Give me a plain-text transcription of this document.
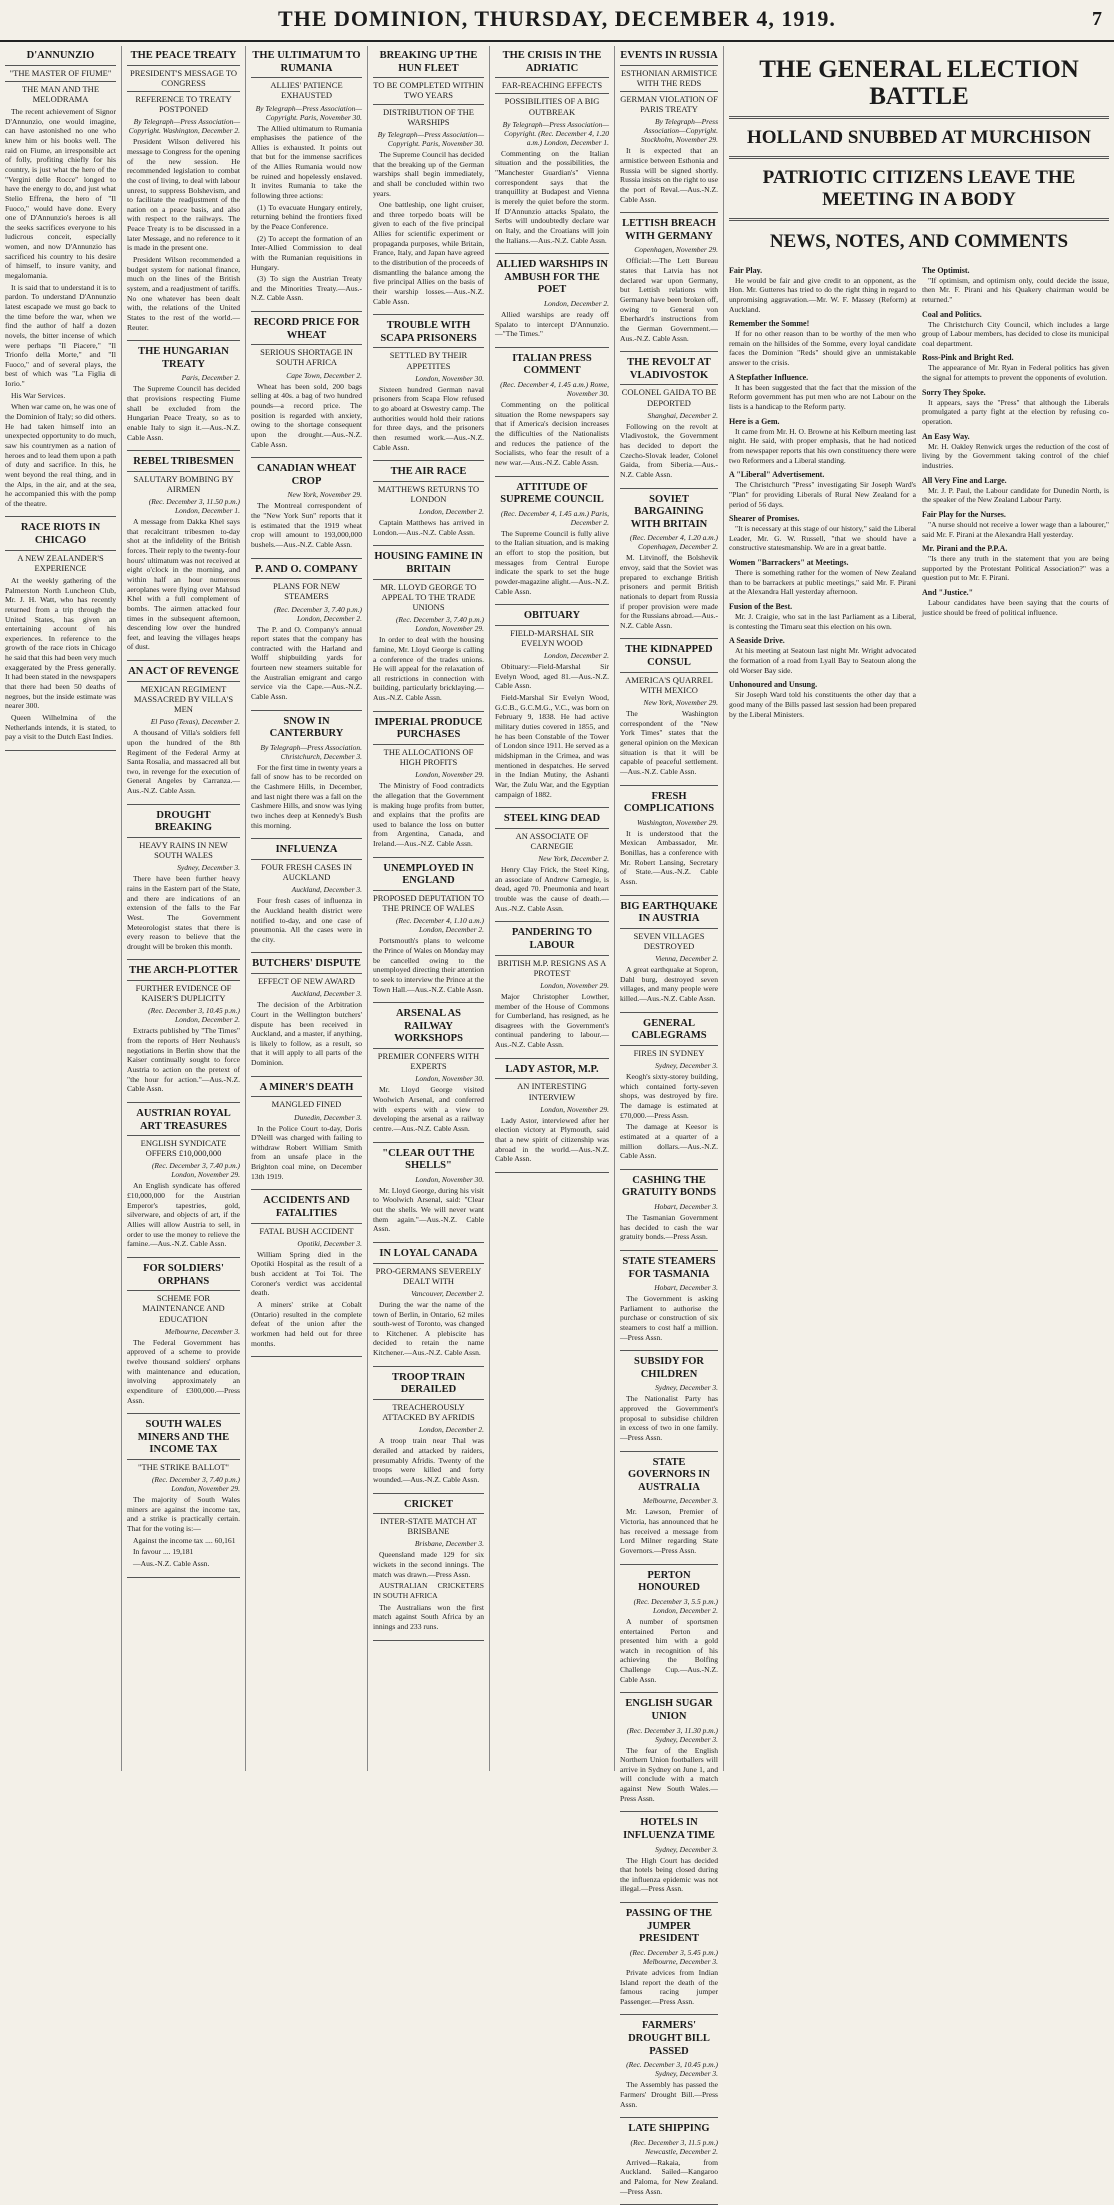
THE DOMINION, THURSDAY, DECEMBER 4, 1919.	7
D'ANNUNZIO
"THE MASTER OF FIUME"
THE MAN AND THE MELODRAMA

The recent achievement of Signor D'Annunzio, one would imagine, can have astonished no one who knew him or his books well. The raid on Fiume, an irresponsible act of folly, profiting chiefly for his country, is just what the hero of the "Vergini delle Rocce" longed to have the energy to do, and just what Stelio Effrena, the hero of "Il Fuoco," would have done. Every one of D'Annunzio's heroes is all the seeks sacrifices everyone to his ludicrous conceit, especially women, and now D'Annunzio has sacrificed his country to his desire of himself, to insure vanity, and megalomania.

It is said that to understand it is to pardon. To understand D'Annunzio latest escapade we must go back to the time before the war, when we find the author of half a dozen novels, the bitter incense of which were perhaps "Il Piacere," "Il Trionfo della Morte," and "Il Fuoco," and of several plays, the best of which was "La Figlia di Iorio."

His War Services.

When war came on, he was one of the Dominion of Italy; so did others. He had taken himself into an unexpected opportunity to do much, saw his countrymen as a nation of heroes and to lead them upon a path of duty and sacrifice. In this, he went beyond the real thing, and in the Alps, in the air, and at the sea, he accompanied this with the pomp of the theatre.

RACE RIOTS IN CHICAGO
A NEW ZEALANDER'S EXPERIENCE

At the weekly gathering of the Palmerston North Luncheon Club, Mr. J. H. Watt, who has recently returned from a trip through the United States, has given an entertaining account of his experiences. In reference to the growth of the race riots in Chicago he said that this had been very much exaggerated by the Press generally. It had been stated in the newspapers that there had been 50 deaths of negroes, but the inside estimate was nearer 300.

Queen Wilhelmina of the Netherlands intends, it is stated, to pay a visit to the Dutch East Indies.

THE PEACE TREATY
PRESIDENT'S MESSAGE TO CONGRESS
REFERENCE TO TREATY POSTPONED
By Telegraph—Press Association—Copyright. Washington, December 2.

President Wilson delivered his message to Congress for the opening of the new session. He recommended legislation to combat the cost of living, to deal with labour unrest, to suppress Bolshevism, and to facilitate the readjustment of the nation on a peace basis, and also with respect to the railways. The Peace Treaty is to be discussed in a later Message, and no reference to it is made in the present one.

President Wilson recommended a budget system for national finance, much on the lines of the British system, and a readjustment of tariffs. No one whatever has been dealt with, the relations of the United States to the rest of the world.—Reuter.

THE HUNGARIAN TREATY
Paris, December 2.

The Supreme Council has decided that provisions respecting Fiume shall be excluded from the Hungarian Peace Treaty, so as to enable Italy to sign it.—Aus.-N.Z. Cable Assn.

REBEL TRIBESMEN
SALUTARY BOMBING BY AIRMEN
(Rec. December 3, 11.50 p.m.) London, December 1.

A message from Dakka Khel says that recalcitrant tribesmen to-day shot at the infidelity of the British forces. Their reply to the twenty-four hours' ultimatum was not received at eight o'clock in the morning, and within half an hour numerous aeroplanes were flying over Mahsud Khel with a full complement of bombs. The airmen attacked four times in the subsequent afternoon, descending low over the hundred feet, and leaving the villages heaps of dust.

AN ACT OF REVENGE
MEXICAN REGIMENT MASSACRED BY VILLA'S MEN
El Paso (Texas), December 2.

A thousand of Villa's soldiers fell upon the hundred of the 8th Regiment of the Federal Army at Santa Rosalia, and massacred all but two, in revenge for the execution of General Angeles by Carranza.—Aus.-N.Z. Cable Assn.

DROUGHT BREAKING
HEAVY RAINS IN NEW SOUTH WALES
Sydney, December 3.

There have been further heavy rains in the Eastern part of the State, and there are indications of an extension of the falls to the Far West. The Government Meteorologist states that there is every reason to believe that the drought will be broken this month.

THE ARCH-PLOTTER
FURTHER EVIDENCE OF KAISER'S DUPLICITY
(Rec. December 3, 10.45 p.m.) London, December 2.

Extracts published by "The Times" from the reports of Herr Neuhaus's negotiations in Berlin show that the Kaiser continually sought to force Austria to action on the pretext of "the hour for action."—Aus.-N.Z. Cable Assn.

AUSTRIAN ROYAL ART TREASURES
ENGLISH SYNDICATE OFFERS £10,000,000
(Rec. December 3, 7.40 p.m.) London, November 29.

An English syndicate has offered £10,000,000 for the Austrian Emperor's tapestries, gold, silverware, and objects of art, if the Allies will allow Austria to sell, in order to use the money to relieve the famine.—Aus.-N.Z. Cable Assn.

FOR SOLDIERS' ORPHANS
SCHEME FOR MAINTENANCE AND EDUCATION
Melbourne, December 3.

The Federal Government has approved of a scheme to provide twelve thousand soldiers' orphans with maintenance and education, involving approximately an expenditure of £300,000.—Press Assn.

SOUTH WALES MINERS AND THE INCOME TAX
"THE STRIKE BALLOT"
(Rec. December 3, 7.40 p.m.) London, November 29.

The majority of South Wales miners are against the income tax, and a strike is practically certain. That for the voting is:—

Against the income tax .... 60,161

In favour .... 19,181

—Aus.-N.Z. Cable Assn.

THE ULTIMATUM TO RUMANIA
ALLIES' PATIENCE EXHAUSTED
By Telegraph—Press Association—Copyright. Paris, November 30.

The Allied ultimatum to Rumania emphasises the patience of the Allies is exhausted. It points out that but for the immense sacrifices of the Allies Rumania would now be ruined and hopelessly enslaved. It invites Rumania to take the following three actions:

(1) To evacuate Hungary entirely, returning behind the frontiers fixed by the Peace Conference.

(2) To accept the formation of an Inter-Allied Commission to deal with the Rumanian requisitions in Hungary.

(3) To sign the Austrian Treaty and the Minorities Treaty.—Aus.-N.Z. Cable Assn.

RECORD PRICE FOR WHEAT
SERIOUS SHORTAGE IN SOUTH AFRICA
Cape Town, December 2.

Wheat has been sold, 200 bags selling at 40s. a bag of two hundred pounds—a record price. The position is regarded with anxiety, owing to the shortage consequent upon the drought.—Aus.-N.Z. Cable Assn.

CANADIAN WHEAT CROP
New York, November 29.

The Montreal correspondent of the "New York Sun" reports that it is estimated that the 1919 wheat crop will amount to 193,000,000 bushels.—Aus.-N.Z. Cable Assn.

P. AND O. COMPANY
PLANS FOR NEW STEAMERS
(Rec. December 3, 7.40 p.m.) London, December 2.

The P. and O. Company's annual report states that the company has contracted with the Harland and Wolff shipbuilding yards for fourteen new steamers suitable for the Australian emigrant and cargo service via the Cape.—Aus.-N.Z. Cable Assn.

SNOW IN CANTERBURY
By Telegraph—Press Association. Christchurch, December 3.

For the first time in twenty years a fall of snow has to be recorded on the Cashmere Hills, in December, and last night there was a fall on the Cashmere Hills, and snow was lying two inches deep at Kennedy's Bush this morning.

INFLUENZA
FOUR FRESH CASES IN AUCKLAND
Auckland, December 3.

Four fresh cases of influenza in the Auckland health district were notified to-day, and one case of pneumonia. All the cases were in the city.

BUTCHERS' DISPUTE
EFFECT OF NEW AWARD
Auckland, December 3.

The decision of the Arbitration Court in the Wellington butchers' dispute has been received in Auckland, and a master, if anything, is likely to follow, as a result, so that it will apply to all parts of the Dominion.

A MINER'S DEATH
MANGLED FINED
Dunedin, December 3.

In the Police Court to-day, Doris D'Neill was charged with failing to withdraw Robert William Smith from an unsafe place in the Brighton coal mine, on December 13th 1919.

ACCIDENTS AND FATALITIES
FATAL BUSH ACCIDENT
Opotiki, December 3.

William Spring died in the Opotiki Hospital as the result of a bush accident at Toi Toi. The Coroner's verdict was accidental death.

A miners' strike at Cobalt (Ontario) resulted in the complete defeat of the union after the workmen had held out for three months.

BREAKING UP THE HUN FLEET
TO BE COMPLETED WITHIN TWO YEARS
DISTRIBUTION OF THE WARSHIPS
By Telegraph—Press Association—Copyright. Paris, November 30.

The Supreme Council has decided that the breaking up of the German warships shall begin immediately, and shall be concluded within two years.

One battleship, one light cruiser, and three torpedo boats will be given to each of the five principal Allies for scientific experiment or propaganda purposes, while Britain, France, Italy, and Japan have agreed to the distribution of the proceeds of dismantling the balance among the five principal Allies on the basis of their warship losses.—Aus.-N.Z. Cable Assn.

TROUBLE WITH SCAPA PRISONERS
SETTLED BY THEIR APPETITES
London, November 30.

Sixteen hundred German naval prisoners from Scapa Flow refused to go aboard at Oswestry camp. The authorities would hold their rations for three days, and the prisoners then resumed work.—Aus.-N.Z. Cable Assn.

THE AIR RACE
MATTHEWS RETURNS TO LONDON
London, December 2.

Captain Matthews has arrived in London.—Aus.-N.Z. Cable Assn.

HOUSING FAMINE IN BRITAIN
MR. LLOYD GEORGE TO APPEAL TO THE TRADE UNIONS
(Rec. December 3, 7.40 p.m.) London, November 29.

In order to deal with the housing famine, Mr. Lloyd George is calling a conference of the trades unions. He will appeal for the relaxation of all restrictions in connection with building, particularly bricklaying.—Aus.-N.Z. Cable Assn.

IMPERIAL PRODUCE PURCHASES
THE ALLOCATIONS OF HIGH PROFITS
London, November 29.

The Ministry of Food contradicts the allegation that the Government is making huge profits from butter, and explains that the profits are used to balance the loss on butter from Argentina, Canada, and Ireland.—Aus.-N.Z. Cable Assn.

UNEMPLOYED IN ENGLAND
PROPOSED DEPUTATION TO THE PRINCE OF WALES
(Rec. December 4, 1.10 a.m.) London, December 2.

Portsmouth's plans to welcome the Prince of Wales on Monday may be cancelled owing to the unemployed directing their attention to seek to interview the Prince at the Town Hall.—Aus.-N.Z. Cable Assn.

ARSENAL AS RAILWAY WORKSHOPS
PREMIER CONFERS WITH EXPERTS
London, November 30.

Mr. Lloyd George visited Woolwich Arsenal, and conferred with experts with a view to developing the arsenal as a railway centre.—Aus.-N.Z. Cable Assn.

"CLEAR OUT THE SHELLS"
London, November 30.

Mr. Lloyd George, during his visit to Woolwich Arsenal, said: "Clear out the shells. We will never want them again."—Aus.-N.Z. Cable Assn.

IN LOYAL CANADA
PRO-GERMANS SEVERELY DEALT WITH
Vancouver, December 2.

During the war the name of the town of Berlin, in Ontario, 62 miles south-west of Toronto, was changed to Kitchener. A plebiscite has decided to retain the name Kitchener.—Aus.-N.Z. Cable Assn.

TROOP TRAIN DERAILED
TREACHEROUSLY ATTACKED BY AFRIDIS
London, December 2.

A troop train near Thal was derailed and attacked by raiders, presumably Afridis. Twenty of the troops were killed and forty wounded.—Aus.-N.Z. Cable Assn.

CRICKET
INTER-STATE MATCH AT BRISBANE
Brisbane, December 3.

Queensland made 129 for six wickets in the second innings. The match was drawn.—Press Assn.

AUSTRALIAN CRICKETERS IN SOUTH AFRICA

The Australians won the first match against South Africa by an innings and 233 runs.

THE CRISIS IN THE ADRIATIC
FAR-REACHING EFFECTS
POSSIBILITIES OF A BIG OUTBREAK
By Telegraph—Press Association—Copyright. (Rec. December 4, 1.20 a.m.) London, December 1.

Commenting on the Italian situation and the possibilities, the "Manchester Guardian's" Vienna correspondent says that the tranquillity at Budapest and Vienna is merely the quiet before the storm. If D'Annunzio attacks Spalato, the Serbs will undoubtedly declare war on Italy, and the Croatians will join the Italians.—Aus.-N.Z. Cable Assn.

ALLIED WARSHIPS IN AMBUSH FOR THE POET
London, December 2.

Allied warships are ready off Spalato to intercept D'Annunzio.—"The Times."

ITALIAN PRESS COMMENT
(Rec. December 4, 1.45 a.m.) Rome, November 30.

Commenting on the political situation the Rome newspapers say that if America's decision increases the difficulties of the Nationalists and reduces the patience of the Socialists, who fear the result of a new war.—Aus.-N.Z. Cable Assn.

ATTITUDE OF SUPREME COUNCIL
(Rec. December 4, 1.45 a.m.) Paris, December 2.

The Supreme Council is fully alive to the Italian situation, and is making an effort to stop the position, but messages from Central Europe indicate the spark to set the huge powder-magazine alight.—Aus.-N.Z. Cable Assn.

OBITUARY
FIELD-MARSHAL SIR EVELYN WOOD
London, December 2.

Obituary:—Field-Marshal Sir Evelyn Wood, aged 81.—Aus.-N.Z. Cable Assn.

Field-Marshal Sir Evelyn Wood, G.C.B., G.C.M.G., V.C., was born on February 9, 1838. He had active military duties covered in 1855, and he has been Constable of the Tower of London since 1911. He served as a midshipman in the Crimea, and was mentioned in despatches. He served in the Indian Mutiny, the Ashanti War, the Zulu War, and the Egyptian campaign of 1882.

STEEL KING DEAD
AN ASSOCIATE OF CARNEGIE
New York, December 2.

Henry Clay Frick, the Steel King, an associate of Andrew Carnegie, is dead, aged 70. Pneumonia and heart trouble was the cause of death.—Aus.-N.Z. Cable Assn.

PANDERING TO LABOUR
BRITISH M.P. RESIGNS AS A PROTEST
London, November 29.

Major Christopher Lowther, member of the House of Commons for Cumberland, has resigned, as he disagrees with the Government's continual pandering to labour.—Aus.-N.Z. Cable Assn.

LADY ASTOR, M.P.
AN INTERESTING INTERVIEW
London, November 29.

Lady Astor, interviewed after her election victory at Plymouth, said that a new spirit of citizenship was abroad in the world.—Aus.-N.Z. Cable Assn.

EVENTS IN RUSSIA
ESTHONIAN ARMISTICE WITH THE REDS
GERMAN VIOLATION OF PARIS TREATY
By Telegraph—Press Association—Copyright. Stockholm, November 29.

It is expected that an armistice between Esthonia and Russia will be signed shortly. Russia insists on the right to use the port of Reval.—Aus.-N.Z. Cable Assn.

LETTISH BREACH WITH GERMANY
Copenhagen, November 29.

Official:—The Lett Bureau states that Latvia has not declared war upon Germany, but Lettish relations with Germany have been broken off, owing to General von Eberhardt's instructions from the German Government.—Aus.-N.Z. Cable Assn.

THE REVOLT AT VLADIVOSTOK
COLONEL GAIDA TO BE DEPORTED
Shanghai, December 2.

Following on the revolt at Vladivostok, the Government has decided to deport the Czecho-Slovak leader, Colonel Gaida, from Siberia.—Aus.-N.Z. Cable Assn.

SOVIET BARGAINING WITH BRITAIN
(Rec. December 4, 1.20 a.m.) Copenhagen, December 2.

M. Litvinoff, the Bolshevik envoy, said that the Soviet was prepared to exchange British prisoners and permit British nationals to depart from Russia if proper provision were made for the Russians abroad.—Aus.-N.Z. Cable Assn.

THE KIDNAPPED CONSUL
AMERICA'S QUARREL WITH MEXICO
New York, November 29.

The Washington correspondent of the "New York Times" states that the general opinion on the Mexican situation is that it will be capable of peaceful settlement.—Aus.-N.Z. Cable Assn.

FRESH COMPLICATIONS
Washington, November 29.

It is understood that the Mexican Ambassador, Mr. Bonillas, has a conference with Mr. Robert Lansing, Secretary of State.—Aus.-N.Z. Cable Assn.

BIG EARTHQUAKE IN AUSTRIA
SEVEN VILLAGES DESTROYED
Vienna, December 2.

A great earthquake at Sopron, Dahl burg, destroyed seven villages, and many people were killed.—Aus.-N.Z. Cable Assn.

GENERAL CABLEGRAMS
FIRES IN SYDNEY
Sydney, December 3.

Keogh's sixty-storey building, which contained forty-seven shops, was destroyed by fire. The damage is estimated at £70,000.—Press Assn.

The damage at Keesor is estimated at a quarter of a million dollars.—Aus.-N.Z. Cable Assn.

CASHING THE GRATUITY BONDS
Hobart, December 3.

The Tasmanian Government has decided to cash the war gratuity bonds.—Press Assn.

STATE STEAMERS FOR TASMANIA
Hobart, December 3.

The Government is asking Parliament to authorise the purchase or construction of six steamers to cost half a million.—Press Assn.

SUBSIDY FOR CHILDREN
Sydney, December 3.

The Nationalist Party has approved the Government's proposal to subsidise children in excess of two in one family.—Press Assn.

STATE GOVERNORS IN AUSTRALIA
Melbourne, December 3.

Mr. Lawson, Premier of Victoria, has announced that he has received a message from Lord Milner regarding State Governors.—Press Assn.

PERTON HONOURED
(Rec. December 3, 5.5 p.m.) London, December 2.

A number of sportsmen entertained Perton and presented him with a gold watch in recognition of his achieving the Bolfing Challenge Cup.—Aus.-N.Z. Cable Assn.

ENGLISH SUGAR UNION
(Rec. December 3, 11.30 p.m.) Sydney, December 3.

The fear of the English Northern Union footballers will arrive in Sydney on June 1, and will conclude with a match against New South Wales.—Press Assn.

HOTELS IN INFLUENZA TIME
Sydney, December 3.

The High Court has decided that hotels being closed during the influenza epidemic was not illegal.—Press Assn.

PASSING OF THE JUMPER PRESIDENT
(Rec. December 3, 5.45 p.m.) Melbourne, December 3.

Private advices from Indian Island report the death of the famous racing jumper Passenger.—Press Assn.

FARMERS' DROUGHT BILL PASSED
(Rec. December 3, 10.45 p.m.) Sydney, December 3.

The Assembly has passed the Farmers' Drought Bill.—Press Assn.

LATE SHIPPING
(Rec. December 3, 11.5 p.m.) Newcastle, December 2.

Arrived—Rakaia, from Auckland. Sailed—Kangaroo and Paloma, for New Zealand.—Press Assn.

THE GENERAL ELECTION BATTLE
HOLLAND SNUBBED AT MURCHISON
PATRIOTIC CITIZENS LEAVE THE MEETING IN A BODY
NEWS, NOTES, AND COMMENTS
Fair Play.

He would be fair and give credit to an opponent, as the Hon. Mr. Gutteres has tried to do the right thing in regard to unpromising aggravation.—Mr. W. F. Massey (Reform) at Auckland.

Remember the Somme!

If for no other reason than to be worthy of the men who remain on the hillsides of the Somme, every loyal candidate faces the Dominion "Reds" should give an unmistakable answer to the crisis.

A Stepfather Influence.

It has been suggested that the fact that the mission of the Reform government has put men who are not Labour on the lists is a handicap to the Reform party.

Here is a Gem.

It came from Mr. H. O. Browne at his Kelburn meeting last night. He said, with proper emphasis, that he had noticed from newspaper reports that his own constituency there were two Reformers and a Liberal standing.

A "Liberal" Advertisement.

The Christchurch "Press" investigating Sir Joseph Ward's "Plan" for providing Liberals of Rural New Zealand for a period of 56 days.

Shearer of Promises.

"It is necessary at this stage of our history," said the Liberal Leader, Mr. G. W. Russell, "that we should have a constructive statesmanship. We are in a great battle.

Women "Barrackers" at Meetings.

There is something rather for the women of New Zealand than to be barrackers at public meetings," said Mr. F. Pirani at the Alexandra Hall yesterday afternoon.

Fusion of the Best.

Mr. J. Craigie, who sat in the last Parliament as a Liberal, is contesting the Timaru seat this election on his own.

A Seaside Drive.

At his meeting at Seatoun last night Mr. Wright advocated the formation of a road from Lyall Bay to Seatoun along the old Worser Bay side.

Unhonoured and Unsung.

Sir Joseph Ward told his constituents the other day that a good many of the Bills passed last session had been prepared by the Liberal Ministers.

The Optimist.

"If optimism, and optimism only, could decide the issue, then Mr. F. Pirani and his Quakery chairman would be returned."

Coal and Politics.

The Christchurch City Council, which includes a large group of Labour members, has decided to close its municipal coal department.

Ross-Pink and Bright Red.

The appearance of Mr. Ryan in Federal politics has given the signal for attempts to prevent the opponents of evolution.

Sorry They Spoke.

It appears, says the "Press" that although the Liberals promulgated a party fight at the election by refusing co-operation.

An Easy Way.

Mr. H. Oakley Renwick urges the reduction of the cost of living by the Government taking control of the chief industries.

All Very Fine and Large.

Mr. J. P. Paul, the Labour candidate for Dunedin North, is the speaker of the New Zealand Labour Party.

Fair Play for the Nurses.

"A nurse should not receive a lower wage than a labourer," said Mr. F. Pirani at the Alexandra Hall yesterday.

Mr. Pirani and the P.P.A.

"Is there any truth in the statement that you are being supported by the Protestant Political Association?" was a question put to Mr. F. Pirani.

And "Justice."

Labour candidates have been saying that the courts of justice should be freed of political influence.
